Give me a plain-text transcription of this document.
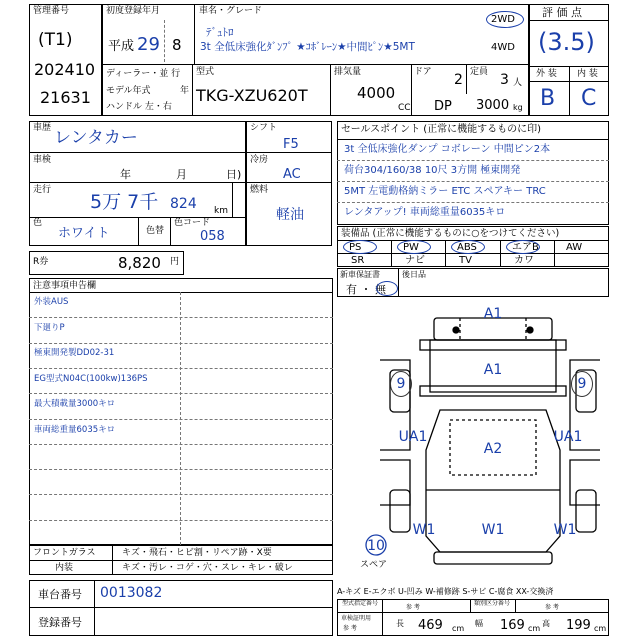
管理番号
(T1)
202410
21631
初度登録年月
平成 29 8
車名・グレード
ﾃﾞｭﾄﾛ
3t 全低床強化ﾀﾞﾝﾌﾟ ★ｺﾎﾞﾚｰﾝ★中間ﾋﾟﾝ★5MT
2WD
4WD
ディーラー・並 行
モデル年式	年
ハンドル 左・右
型式
TKG-XZU620T
排気量
4000
CC
ドア 2 定員 3 人
DP 3000 kg
評 価 点
(3.5)
外 装 内 装
B C
車歴 レンタカー
車検
年	月	日)
走行
5万 7千 824 km
色
ホワイト	色替
色コード
058
シフト
F5
冷房
AC
燃料
軽油
R券	8,820 円
セールスポイント (正常に機能するものに印)
3t 全低床強化ダンプ コボレーン 中間ピン2本
荷台304/160/38 10尺 3方開 極東開発
5MT 左電動格納ミラー ETC スペアキー TRC
レンタアップ! 車両総重量6035キロ
装備品 (正常に機能するものに○をつけてください)
PS	PW	ABS	エアB	AW
SR	ナビ	TV	カワ
新車保証書
有 ・ 無
後日品
注意事項申告欄
外装AUS
下廻りP
極東開発製DD02-31
EG型式N04C(100kw)136PS
最大積載量3000キロ
車両総重量6035キロ
フロントガラス	キズ・飛石・ヒビ割・リペア跡・X要
内装	キズ・汚レ・コゲ・穴・スレ・キレ・破レ
車台番号 0013082
登録番号
A1
A1
A2
9	9
UA1	UA1
W1	W1	W1
10
スペア
A-キズ E-エクボ U-凹み W-補修跡 S-サビ C-腐食 XX-交換済
型式指定番号
参 考
類別区分番号
参 考
車検証明用
参 考
長 469 cm
幅 169 cm
高 199 cm
